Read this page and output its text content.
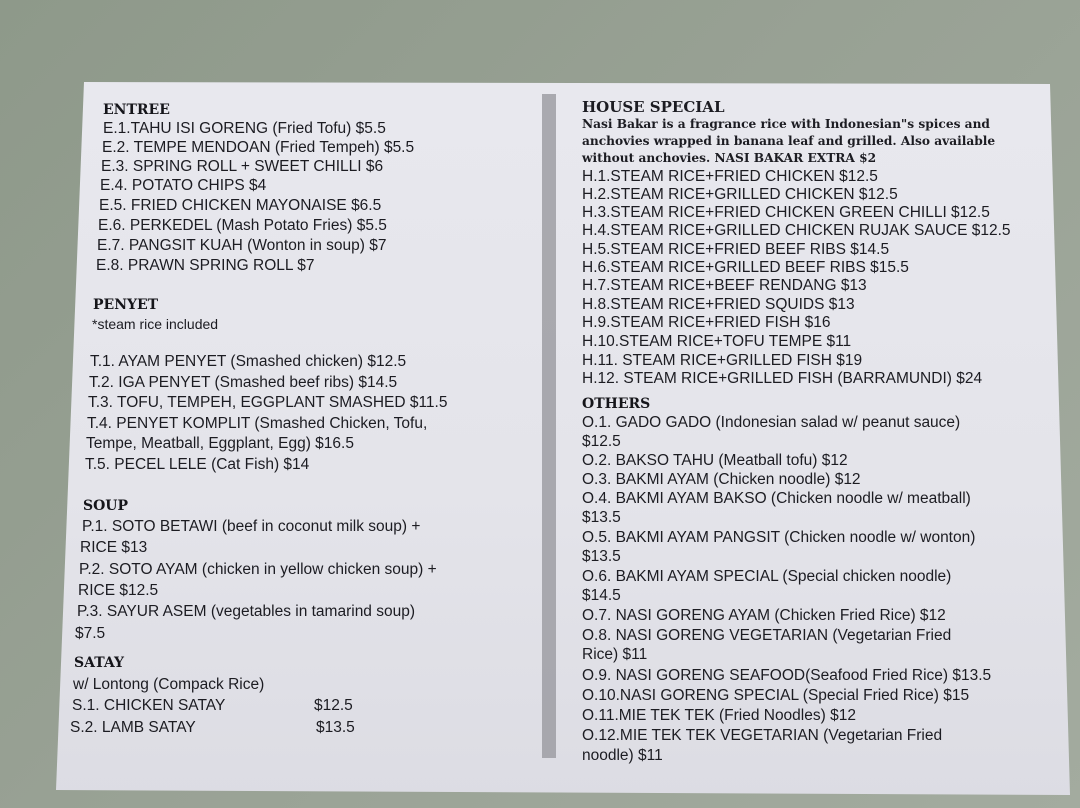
ENTREE
E.1.TAHU ISI GORENG (Fried Tofu) $5.5
E.2. TEMPE MENDOAN (Fried Tempeh) $5.5
E.3. SPRING ROLL + SWEET CHILLI $6
E.4. POTATO CHIPS $4
E.5. FRIED CHICKEN MAYONAISE $6.5
E.6. PERKEDEL (Mash Potato Fries) $5.5
E.7. PANGSIT KUAH (Wonton in soup) $7
E.8. PRAWN SPRING ROLL $7
PENYET
*steam rice included
T.1. AYAM PENYET (Smashed chicken) $12.5
T.2. IGA PENYET (Smashed beef ribs) $14.5
T.3. TOFU, TEMPEH, EGGPLANT SMASHED $11.5
T.4. PENYET KOMPLIT (Smashed Chicken, Tofu,
Tempe, Meatball, Eggplant, Egg) $16.5
T.5. PECEL LELE (Cat Fish) $14
SOUP
P.1. SOTO BETAWI (beef in coconut milk soup) +
RICE $13
P.2. SOTO AYAM (chicken in yellow chicken soup) +
RICE $12.5
P.3. SAYUR ASEM (vegetables in tamarind soup)
$7.5
SATAY
w/ Lontong (Compack Rice)
S.1. CHICKEN SATAY	$12.5
S.2. LAMB SATAY	$13.5
HOUSE SPECIAL
Nasi Bakar is a fragrance rice with Indonesian"s spices and
anchovies wrapped in banana leaf and grilled. Also available
without anchovies. NASI BAKAR EXTRA $2
H.1.STEAM RICE+FRIED CHICKEN $12.5
H.2.STEAM RICE+GRILLED CHICKEN $12.5
H.3.STEAM RICE+FRIED CHICKEN GREEN CHILLI $12.5
H.4.STEAM RICE+GRILLED CHICKEN RUJAK SAUCE $12.5
H.5.STEAM RICE+FRIED BEEF RIBS $14.5
H.6.STEAM RICE+GRILLED BEEF RIBS $15.5
H.7.STEAM RICE+BEEF RENDANG $13
H.8.STEAM RICE+FRIED SQUIDS $13
H.9.STEAM RICE+FRIED FISH $16
H.10.STEAM RICE+TOFU TEMPE $11
H.11. STEAM RICE+GRILLED FISH $19
H.12. STEAM RICE+GRILLED FISH (BARRAMUNDI) $24
OTHERS
O.1. GADO GADO (Indonesian salad w/ peanut sauce)
$12.5
O.2. BAKSO TAHU (Meatball tofu) $12
O.3. BAKMI AYAM (Chicken noodle) $12
O.4. BAKMI AYAM BAKSO (Chicken noodle w/ meatball)
$13.5
O.5. BAKMI AYAM PANGSIT (Chicken noodle w/ wonton)
$13.5
O.6. BAKMI AYAM SPECIAL (Special chicken noodle)
$14.5
O.7. NASI GORENG AYAM (Chicken Fried Rice) $12
O.8. NASI GORENG VEGETARIAN (Vegetarian Fried
Rice) $11
O.9. NASI GORENG SEAFOOD(Seafood Fried Rice) $13.5
O.10.NASI GORENG SPECIAL (Special Fried Rice) $15
O.11.MIE TEK TEK (Fried Noodles) $12
O.12.MIE TEK TEK VEGETARIAN (Vegetarian Fried
noodle) $11
